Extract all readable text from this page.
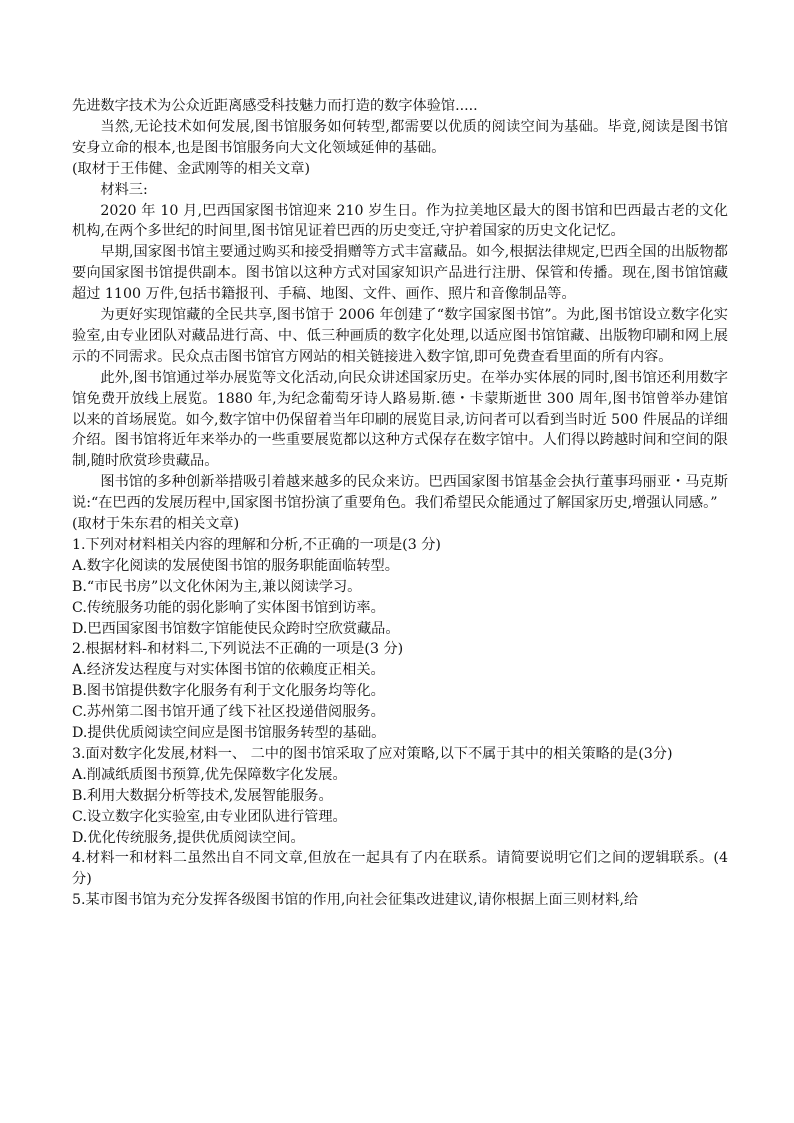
先进数字技术为公众近距离感受科技魅力而打造的数字体验馆.....
当然,无论技术如何发展,图书馆服务如何转型,都需要以优质的阅读空间为基础。毕竟,阅读是图书馆安身立命的根本,也是图书馆服务向大文化领域延伸的基础。
(取材于王伟健、金武刚等的相关文章)
材料三:
2020 年 10 月,巴西国家图书馆迎来 210 岁生日。作为拉美地区最大的图书馆和巴西最古老的文化机构,在两个多世纪的时间里,图书馆见证着巴西的历史变迁,守护着国家的历史文化记忆。
早期,国家图书馆主要通过购买和接受捐赠等方式丰富藏品。如今,根据法律规定,巴西全国的出版物都要向国家图书馆提供副本。图书馆以这种方式对国家知识产品进行注册、保管和传播。现在,图书馆馆藏超过 1100 万件,包括书籍报刊、手稿、地图、文件、画作、照片和音像制品等。
为更好实现馆藏的全民共享,图书馆于 2006 年创建了“数字国家图书馆”。为此,图书馆设立数字化实验室,由专业团队对藏品进行高、中、低三种画质的数字化处理,以适应图书馆馆藏、出版物印刷和网上展示的不同需求。民众点击图书馆官方网站的相关链接进入数字馆,即可免费查看里面的所有内容。
此外,图书馆通过举办展览等文化活动,向民众讲述国家历史。在举办实体展的同时,图书馆还利用数字馆免费开放线上展览。1880 年,为纪念葡萄牙诗人路易斯.德・卡蒙斯逝世 300 周年,图书馆曾举办建馆以来的首场展览。如今,数字馆中仍保留着当年印刷的展览目录,访问者可以看到当时近 500 件展品的详细介绍。图书馆将近年来举办的一些重要展览都以这种方式保存在数字馆中。人们得以跨越时间和空间的限制,随时欣赏珍贵藏品。
图书馆的多种创新举措吸引着越来越多的民众来访。巴西国家图书馆基金会执行董事玛丽亚・马克斯说:“在巴西的发展历程中,国家图书馆扮演了重要角色。我们希望民众能通过了解国家历史,增强认同感。”
(取材于朱东君的相关文章)
1.下列对材料相关内容的理解和分析,不正确的一项是(3 分)
A.数字化阅读的发展使图书馆的服务职能面临转型。
B.“市民书房”以文化休闲为主,兼以阅读学习。
C.传统服务功能的弱化影响了实体图书馆到访率。
D.巴西国家图书馆数字馆能使民众跨时空欣赏藏品。
2.根据材料-和材料二,下列说法不正确的一项是(3 分)
A.经济发达程度与对实体图书馆的依赖度正相关。
B.图书馆提供数字化服务有利于文化服务均等化。
C.苏州第二图书馆开通了线下社区投递借阅服务。
D.提供优质阅读空间应是图书馆服务转型的基础。
3.面对数字化发展,材料一、 二中的图书馆采取了应对策略,以下不属于其中的相关策略的是(3分)
A.削减纸质图书预算,优先保障数字化发展。
B.利用大数据分析等技术,发展智能服务。
C.设立数字化实验室,由专业团队进行管理。
D.优化传统服务,提供优质阅读空间。
4.材料一和材料二虽然出自不同文章,但放在一起具有了内在联系。请简要说明它们之间的逻辑联系。(4分)
5.某市图书馆为充分发挥各级图书馆的作用,向社会征集改进建议,请你根据上面三则材料,给
